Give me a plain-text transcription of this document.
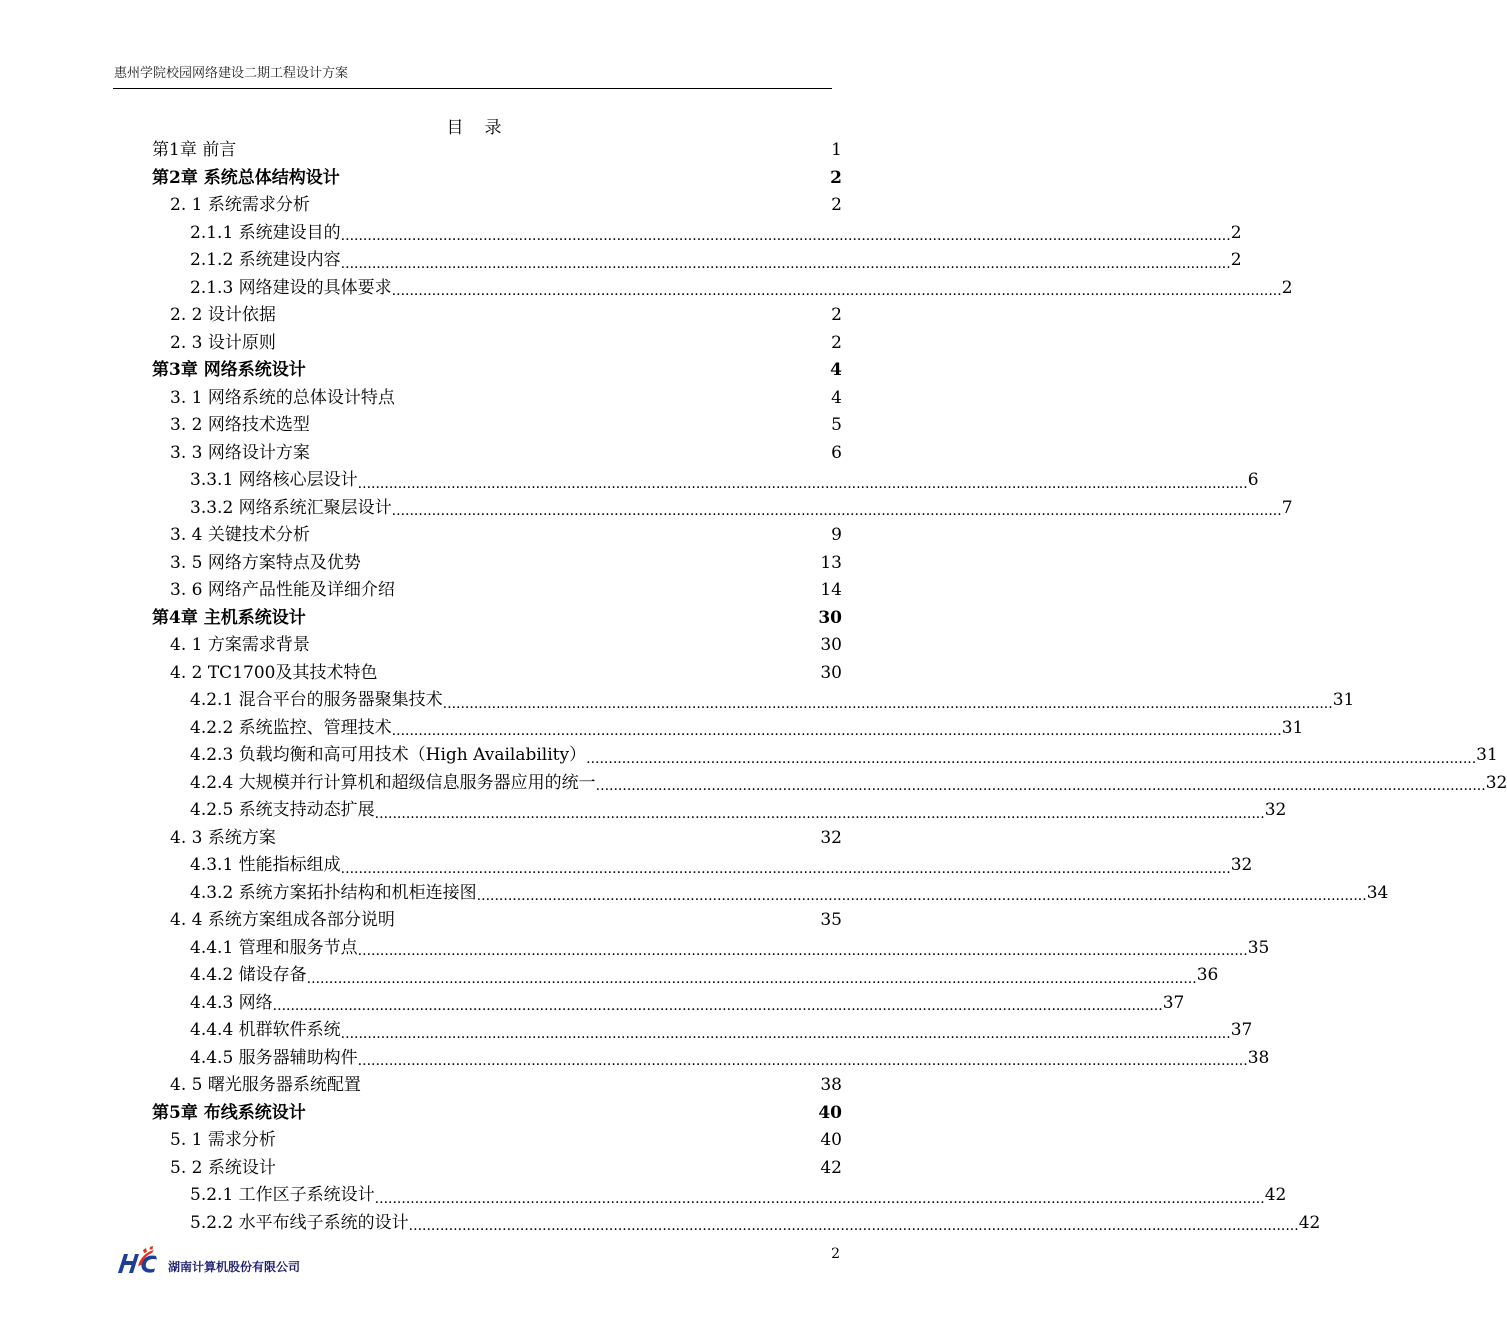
惠州学院校园网络建设二期工程设计方案
目　录
第1章 前言	1
第2章 系统总体结构设计	2
2. 1 系统需求分析	2
2.1.1 系统建设目的 ........................................................................................................................................................................................................ 2
2.1.2 系统建设内容 ........................................................................................................................................................................................................ 2
2.1.3 网络建设的具体要求 ........................................................................................................................................................................................................ 2
2. 2 设计依据	2
2. 3 设计原则	2
第3章 网络系统设计	4
3. 1 网络系统的总体设计特点	4
3. 2 网络技术选型	5
3. 3 网络设计方案	6
3.3.1 网络核心层设计 ........................................................................................................................................................................................................ 6
3.3.2 网络系统汇聚层设计 ........................................................................................................................................................................................................ 7
3. 4 关键技术分析	9
3. 5 网络方案特点及优势	13
3. 6 网络产品性能及详细介绍	14
第4章 主机系统设计	30
4. 1 方案需求背景	30
4. 2 TC1700及其技术特色	30
4.2.1 混合平台的服务器聚集技术 ........................................................................................................................................................................................................ 31
4.2.2 系统监控、管理技术 ........................................................................................................................................................................................................ 31
4.2.3 负载均衡和高可用技术（High Availability） ........................................................................................................................................................................................................ 31
4.2.4 大规模并行计算机和超级信息服务器应用的统一 ........................................................................................................................................................................................................ 32
4.2.5 系统支持动态扩展 ........................................................................................................................................................................................................ 32
4. 3 系统方案	32
4.3.1 性能指标组成 ........................................................................................................................................................................................................ 32
4.3.2 系统方案拓扑结构和机柜连接图 ........................................................................................................................................................................................................ 34
4. 4 系统方案组成各部分说明	35
4.4.1 管理和服务节点 ........................................................................................................................................................................................................ 35
4.4.2 储设存备 ........................................................................................................................................................................................................ 36
4.4.3 网络 ........................................................................................................................................................................................................ 37
4.4.4 机群软件系统 ........................................................................................................................................................................................................ 37
4.4.5 服务器辅助构件 ........................................................................................................................................................................................................ 38
4. 5 曙光服务器系统配置	38
第5章 布线系统设计	40
5. 1 需求分析	40
5. 2 系统设计	42
5.2.1 工作区子系统设计 ........................................................................................................................................................................................................ 42
5.2.2 水平布线子系统的设计 ........................................................................................................................................................................................................ 42
2
湖南计算机股份有限公司
